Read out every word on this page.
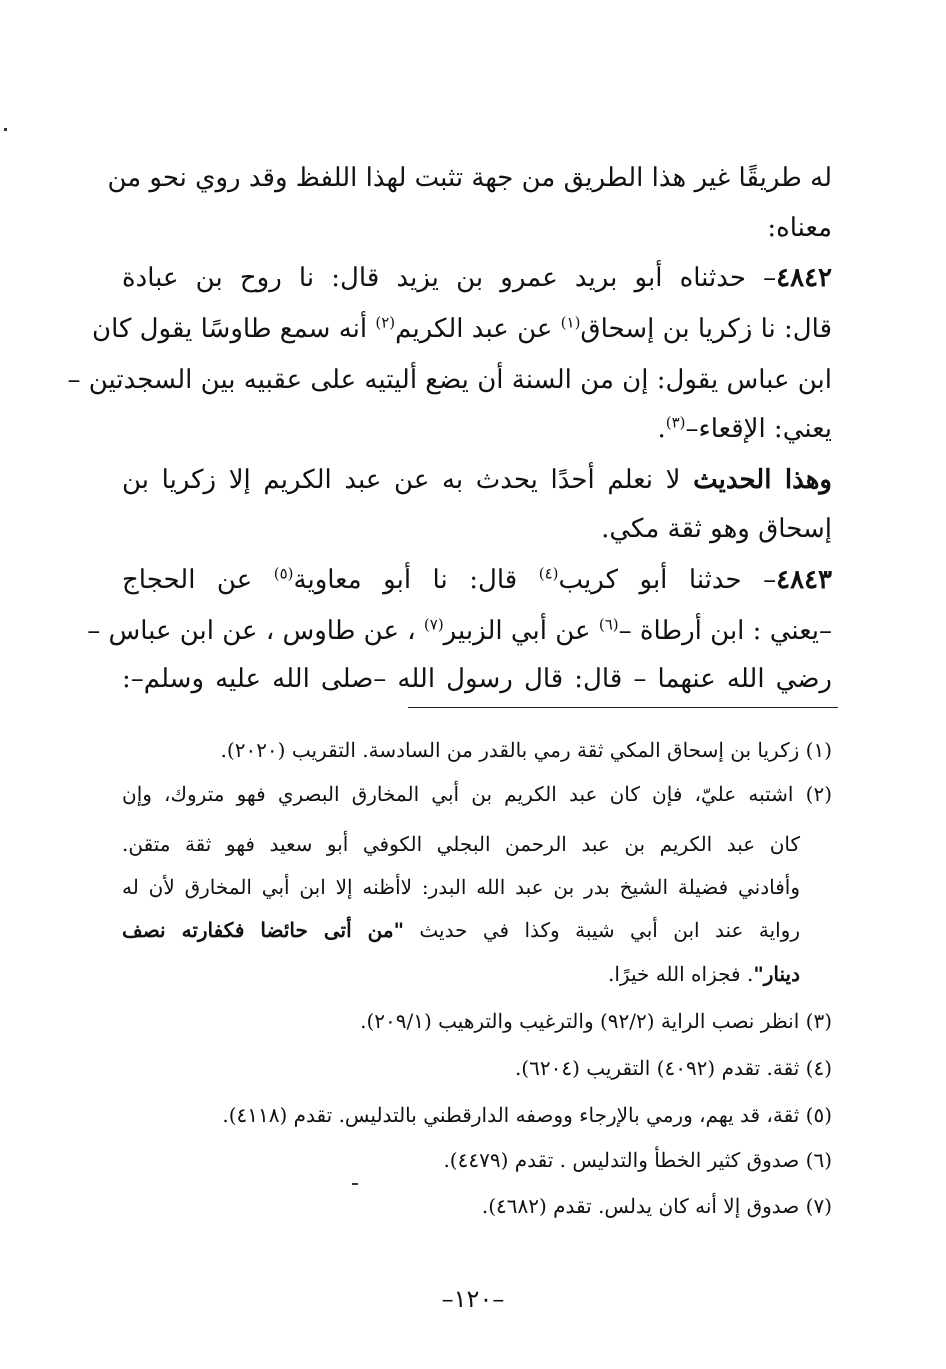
له طريقًا غير هذا الطريق من جهة تثبت لهذا اللفظ وقد روي نحو من
معناه:
٤٨٤٢– حدثناه أبو بريد عمرو بن يزيد قال: نا روح بن عبادة
قال: نا زكريا بن إسحاق$^{(١)}$ عن عبد الكريم$^{(٢)}$ أنه سمع طاوسًا يقول كان
ابن عباس يقول: إن من السنة أن يضع أليتيه على عقبيه بين السجدتين –
يعني: الإقعاء–$^{(٣)}$.
وهذا الحديث لا نعلم أحدًا يحدث به عن عبد الكريم إلا زكريا بن
إسحاق وهو ثقة مكي.
٤٨٤٣– حدثنا أبو كريب$^{(٤)}$ قال: نا أبو معاوية$^{(٥)}$ عن الحجاج
–يعني : ابن أرطاة –$^{(٦)}$ عن أبي الزبير$^{(٧)}$ ، عن طاوس ، عن ابن عباس –
رضي الله عنهما – قال: قال رسول الله –صلى الله عليه وسلم–:
(١) زكريا بن إسحاق المكي ثقة رمي بالقدر من السادسة. التقريب (٢٠٢٠).
(٢) اشتبه عليّ، فإن كان عبد الكريم بن أبي المخارق البصري فهو متروك، وإن
كان عبد الكريم بن عبد الرحمن البجلي الكوفي أبو سعيد فهو ثقة متقن.
وأفادني فضيلة الشيخ بدر بن عبد الله البدر: لاأظنه إلا ابن أبي المخارق لأن له
رواية عند ابن أبي شيبة وكذا في حديث "من أتى حائضا فكفارته نصف
دينار". فجزاه الله خيرًا.
(٣) انظر نصب الراية (٩٢/٢) والترغيب والترهيب (٢٠٩/١).
(٤) ثقة. تقدم (٤٠٩٢) التقريب (٦٢٠٤).
(٥) ثقة، قد يهم، ورمي بالإرجاء ووصفه الدارقطني بالتدليس. تقدم (٤١١٨).
(٦) صدوق كثير الخطأ والتدليس . تقدم (٤٤٧٩).
(٧) صدوق إلا أنه كان يدلس. تقدم (٤٦٨٢).
–١٢٠–
